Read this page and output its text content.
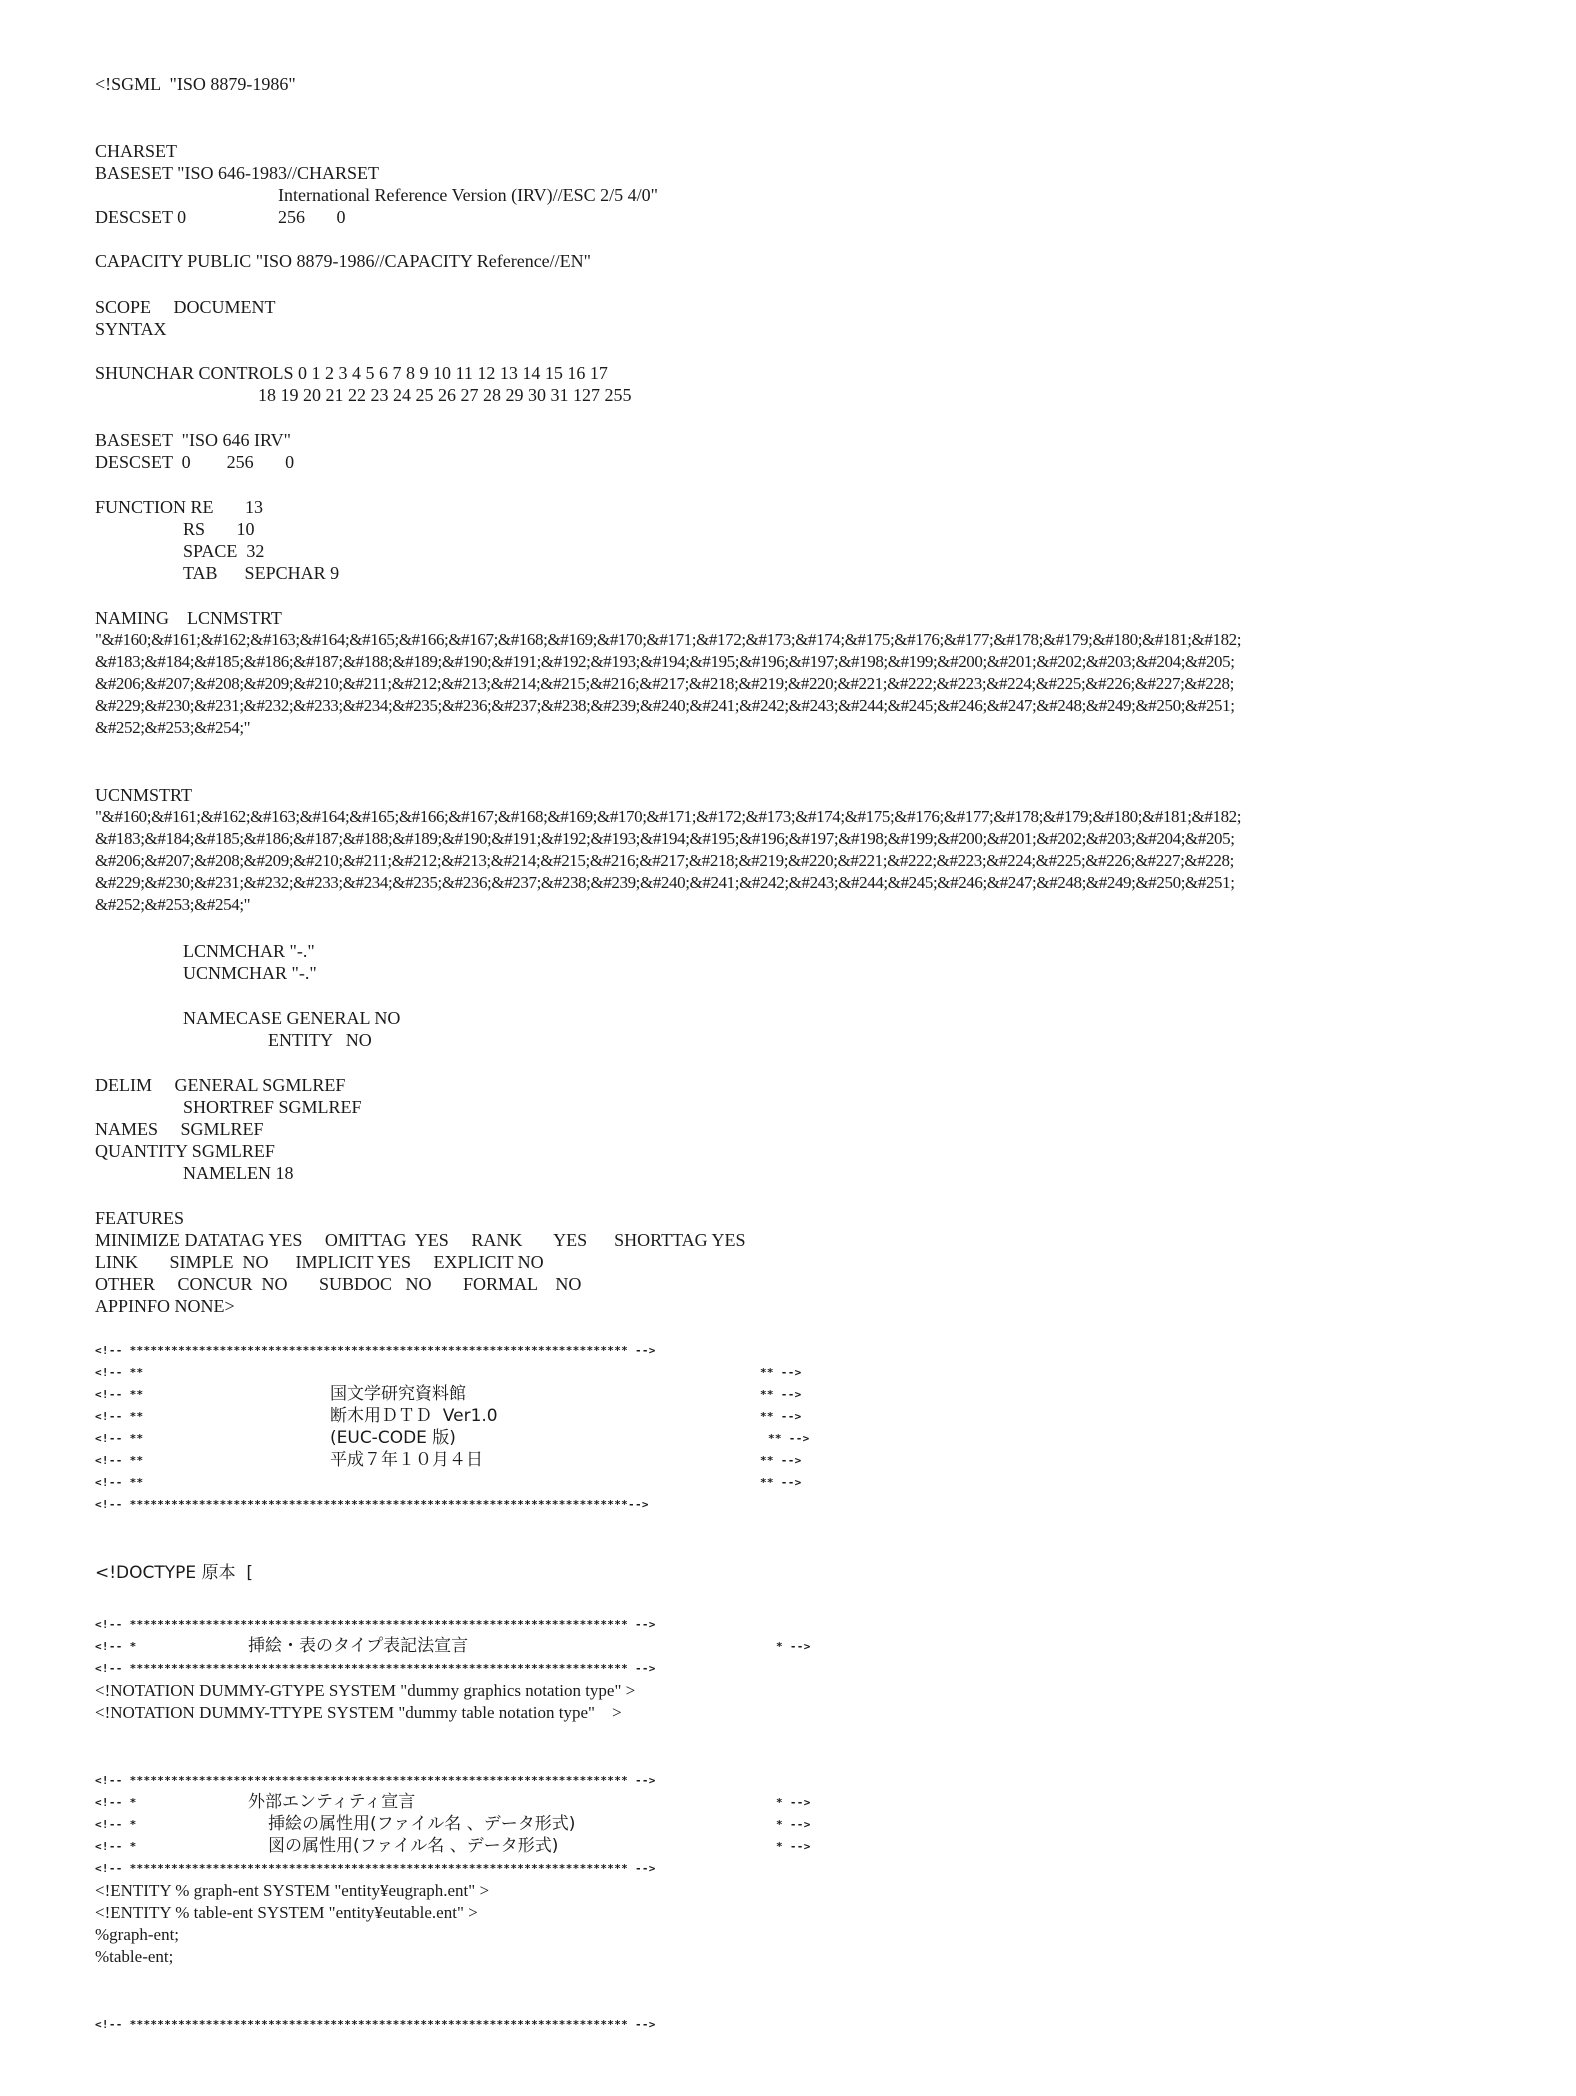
<!SGML  "ISO 8879-1986"
CHARSET
BASESET "ISO 646-1983//CHARSET
International Reference Version (IRV)//ESC 2/5 4/0"
DESCSET 0	256       0
CAPACITY PUBLIC "ISO 8879-1986//CAPACITY Reference//EN"
SCOPE     DOCUMENT
SYNTAX
SHUNCHAR CONTROLS 0 1 2 3 4 5 6 7 8 9 10 11 12 13 14 15 16 17
18 19 20 21 22 23 24 25 26 27 28 29 30 31 127 255
BASESET  "ISO 646 IRV"
DESCSET  0        256       0
FUNCTION RE       13
RS       10
SPACE  32
TAB      SEPCHAR 9
NAMING    LCNMSTRT
"&#160;&#161;&#162;&#163;&#164;&#165;&#166;&#167;&#168;&#169;&#170;&#171;&#172;&#173;&#174;&#175;&#176;&#177;&#178;&#179;&#180;&#181;&#182;
&#183;&#184;&#185;&#186;&#187;&#188;&#189;&#190;&#191;&#192;&#193;&#194;&#195;&#196;&#197;&#198;&#199;&#200;&#201;&#202;&#203;&#204;&#205;
&#206;&#207;&#208;&#209;&#210;&#211;&#212;&#213;&#214;&#215;&#216;&#217;&#218;&#219;&#220;&#221;&#222;&#223;&#224;&#225;&#226;&#227;&#228;
&#229;&#230;&#231;&#232;&#233;&#234;&#235;&#236;&#237;&#238;&#239;&#240;&#241;&#242;&#243;&#244;&#245;&#246;&#247;&#248;&#249;&#250;&#251;
&#252;&#253;&#254;"
UCNMSTRT
"&#160;&#161;&#162;&#163;&#164;&#165;&#166;&#167;&#168;&#169;&#170;&#171;&#172;&#173;&#174;&#175;&#176;&#177;&#178;&#179;&#180;&#181;&#182;
&#183;&#184;&#185;&#186;&#187;&#188;&#189;&#190;&#191;&#192;&#193;&#194;&#195;&#196;&#197;&#198;&#199;&#200;&#201;&#202;&#203;&#204;&#205;
&#206;&#207;&#208;&#209;&#210;&#211;&#212;&#213;&#214;&#215;&#216;&#217;&#218;&#219;&#220;&#221;&#222;&#223;&#224;&#225;&#226;&#227;&#228;
&#229;&#230;&#231;&#232;&#233;&#234;&#235;&#236;&#237;&#238;&#239;&#240;&#241;&#242;&#243;&#244;&#245;&#246;&#247;&#248;&#249;&#250;&#251;
&#252;&#253;&#254;"
LCNMCHAR "-."
UCNMCHAR "-."
NAMECASE GENERAL NO
ENTITY   NO
DELIM     GENERAL SGMLREF
SHORTREF SGMLREF
NAMES     SGMLREF
QUANTITY SGMLREF
NAMELEN 18
FEATURES
MINIMIZE DATATAG YES     OMITTAG  YES     RANK       YES      SHORTTAG YES
LINK       SIMPLE  NO      IMPLICIT YES     EXPLICIT NO
OTHER     CONCUR  NO       SUBDOC   NO       FORMAL    NO
APPINFO NONE>
<!-- ************************************************************************ -->
<!-- **	** -->
<!-- **	国文学研究資料館	** -->
<!-- **	断木用ＤＴＤ  Ver1.0	** -->
<!-- **	(EUC-CODE 版)	** -->
<!-- **	平成７年１０月４日	** -->
<!-- **	** -->
<!-- ************************************************************************-->
<!DOCTYPE 原本  [
<!-- ************************************************************************ -->
<!-- *	挿絵・表のタイプ表記法宣言	* -->
<!-- ************************************************************************ -->
<!NOTATION DUMMY-GTYPE SYSTEM "dummy graphics notation type" >
<!NOTATION DUMMY-TTYPE SYSTEM "dummy table notation type"    >
<!-- ************************************************************************ -->
<!-- *	外部エンティティ宣言	* -->
<!-- *	挿絵の属性用(ファイル名 、データ形式)	* -->
<!-- *	図の属性用(ファイル名 、データ形式)	* -->
<!-- ************************************************************************ -->
<!ENTITY % graph-ent SYSTEM "entity¥eugraph.ent" >
<!ENTITY % table-ent SYSTEM "entity¥eutable.ent" >
%graph-ent;
%table-ent;
<!-- ************************************************************************ -->
